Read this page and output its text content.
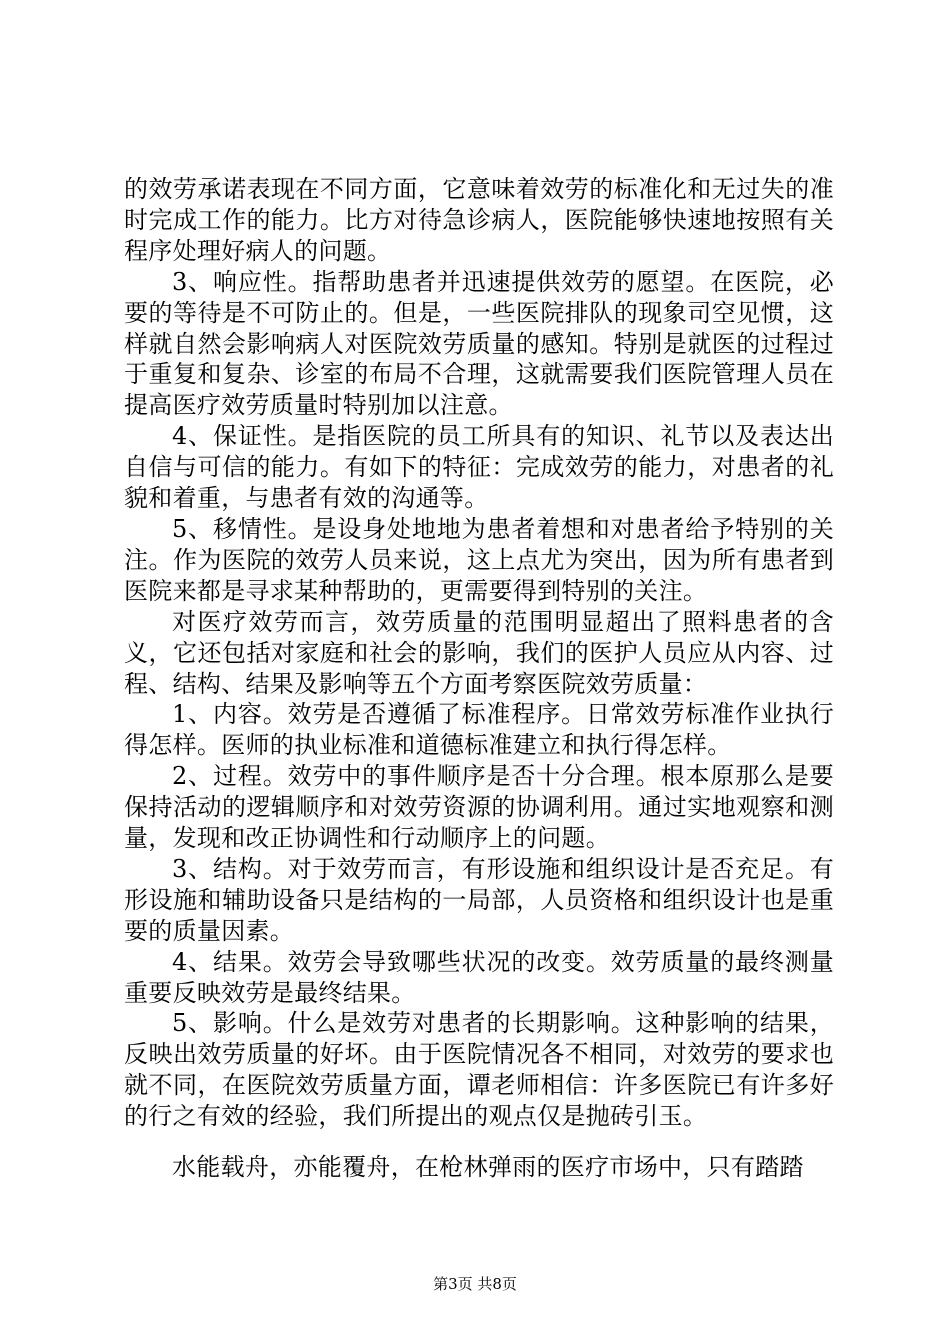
的效劳承诺表现在不同方面，它意味着效劳的标准化和无过失的准时完成工作的能力。比方对待急诊病人，医院能够快速地按照有关程序处理好病人的问题。

3、响应性。指帮助患者并迅速提供效劳的愿望。在医院，必要的等待是不可防止的。但是，一些医院排队的现象司空见惯，这样就自然会影响病人对医院效劳质量的感知。特别是就医的过程过于重复和复杂、诊室的布局不合理，这就需要我们医院管理人员在提高医疗效劳质量时特别加以注意。

4、保证性。是指医院的员工所具有的知识、礼节以及表达出自信与可信的能力。有如下的特征：完成效劳的能力，对患者的礼貌和着重，与患者有效的沟通等。

5、移情性。是设身处地地为患者着想和对患者给予特别的关注。作为医院的效劳人员来说，这上点尤为突出，因为所有患者到医院来都是寻求某种帮助的，更需要得到特别的关注。

对医疗效劳而言，效劳质量的范围明显超出了照料患者的含义，它还包括对家庭和社会的影响，我们的医护人员应从内容、过程、结构、结果及影响等五个方面考察医院效劳质量：

1、内容。效劳是否遵循了标准程序。日常效劳标准作业执行得怎样。医师的执业标准和道德标准建立和执行得怎样。

2、过程。效劳中的事件顺序是否十分合理。根本原那么是要保持活动的逻辑顺序和对效劳资源的协调利用。通过实地观察和测量，发现和改正协调性和行动顺序上的问题。

3、结构。对于效劳而言，有形设施和组织设计是否充足。有形设施和辅助设备只是结构的一局部，人员资格和组织设计也是重要的质量因素。

4、结果。效劳会导致哪些状况的改变。效劳质量的最终测量重要反映效劳是最终结果。

5、影响。什么是效劳对患者的长期影响。这种影响的结果，反映出效劳质量的好坏。由于医院情况各不相同，对效劳的要求也就不同，在医院效劳质量方面，谭老师相信：许多医院已有许多好的行之有效的经验，我们所提出的观点仅是抛砖引玉。

水能载舟，亦能覆舟，在枪林弹雨的医疗市场中，只有踏踏

第3页 共8页
